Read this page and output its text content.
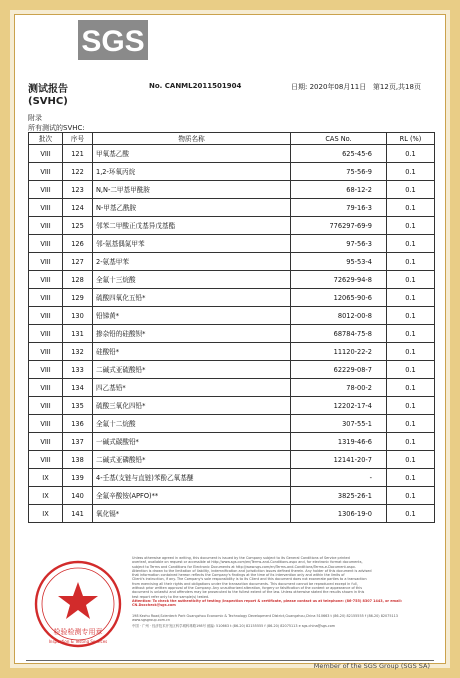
SGS
测试报告
(SVHC)
No. CANML2011501904	日期: 2020年08月11日 第12页,共18页
附录
所有测试的SVHC:
批次	序号	物质名称	CAS No.	RL (%)
VIII	121	甲氧基乙酸	625-45-6	0.1
VIII	122	1,2-环氧丙烷	75-56-9	0.1
VIII	123	N,N-二甲基甲酰胺	68-12-2	0.1
VIII	124	N-甲基乙酰胺	79-16-3	0.1
VIII	125	邻苯二甲酸正戊基异戊基酯	776297-69-9	0.1
VIII	126	邻-氨基偶氮甲苯	97-56-3	0.1
VIII	127	2-氨基甲苯	95-53-4	0.1
VIII	128	全氟十三烷酸	72629-94-8	0.1
VIII	129	硫酸四氧化五铅*	12065-90-6	0.1
VIII	130	铅锑黄*	8012-00-8	0.1
VIII	131	掺杂铅的硅酸钡*	68784-75-8	0.1
VIII	132	硅酸铅*	11120-22-2	0.1
VIII	133	二碱式亚硫酸铅*	62229-08-7	0.1
VIII	134	四乙基铅*	78-00-2	0.1
VIII	135	硫酸三氧化四铅*	12202-17-4	0.1
VIII	136	全氟十二烷酸	307-55-1	0.1
VIII	137	一碱式碳酸铅*	1319-46-6	0.1
VIII	138	二碱式亚磷酸铅*	12141-20-7	0.1
IX	139	4-壬基(支链与直链)苯酚乙氧基醚	-	0.1
IX	140	全氟辛酸铵(APFO)**	3825-26-1	0.1
IX	141	氧化镉*	1306-19-0	0.1
检验检测专用章
Inspection & Testing Services
Unless otherwise agreed in writing, this document is issued by the Company subject to its General Conditions of Service printed
overleaf, available on request or accessible at http://www.sgs.com/en/Terms-and-Conditions.aspx and, for electronic format documents,
subject to Terms and Conditions for Electronic Documents at http://www.sgs.com/en/Terms-and-Conditions/Terms-e-Document.aspx.
Attention is drawn to the limitation of liability, indemnification and jurisdiction issues defined therein. Any holder of this document is advised
that information contained hereon reflects the Company's findings at the time of its intervention only and within the limits of
Client's instruction, if any. The Company's sole responsibility is to its Client and this document does not exonerate parties to a transaction
from exercising all their rights and obligations under the transaction documents. This document cannot be reproduced except in full,
without prior written approval of the Company. Any unauthorized alteration, forgery or falsification of the content or appearance of this
document is unlawful and offenders may be prosecuted to the fullest extent of the law. Unless otherwise stated the results shown in this
test report refer only to the sample(s) tested.
Attention: To check the authenticity of testing /inspection report & certificate, please contact us at telephone: (86-755) 8307 1443, or email: CN.Doccheck@sgs.com
198 Kezhu Road,Scientech Park Guangzhou Economic & Technology Development District,Guangzhou,China 510663 t (86-20) 82155555 f (86-20) 82075113 www.sgsgroup.com.cn
中国 · 广州 · 经济技术开发区科学城科珠路198号 邮编: 510663 t (86-20) 82155555 f (86-20) 82075113 e sgs.china@sgs.com
Member of the SGS Group (SGS SA)
